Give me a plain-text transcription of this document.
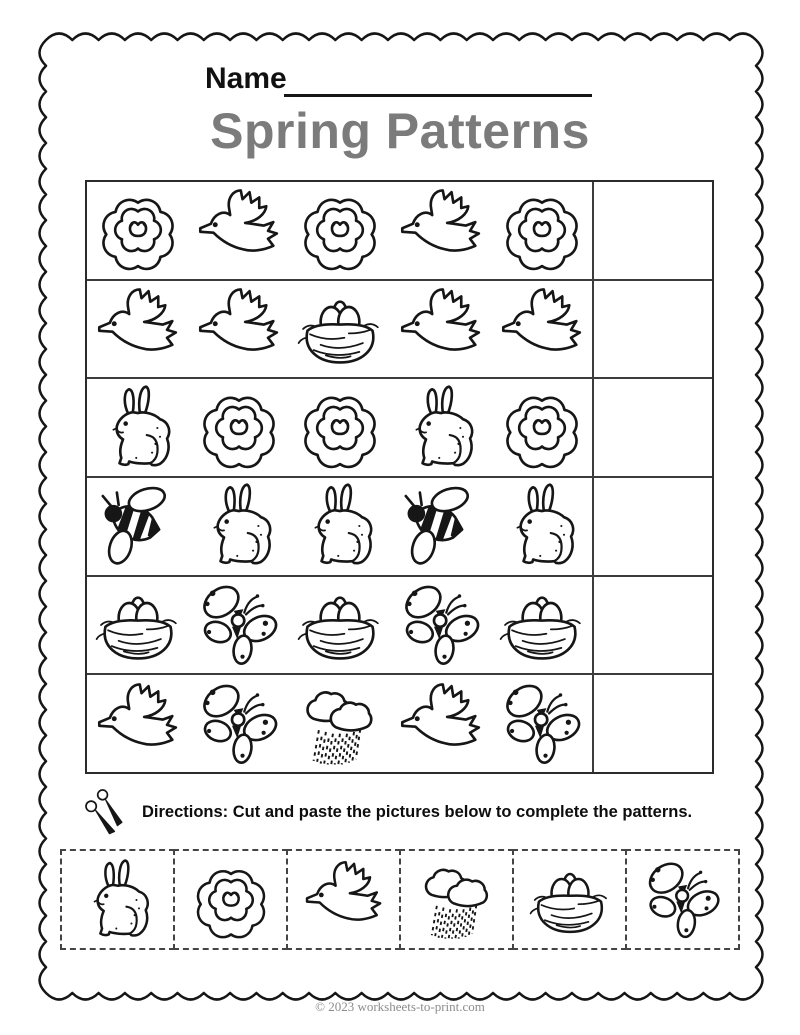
Name
Spring Patterns
Directions: Cut and paste the pictures below to complete the patterns.
© 2023 worksheets-to-print.com
